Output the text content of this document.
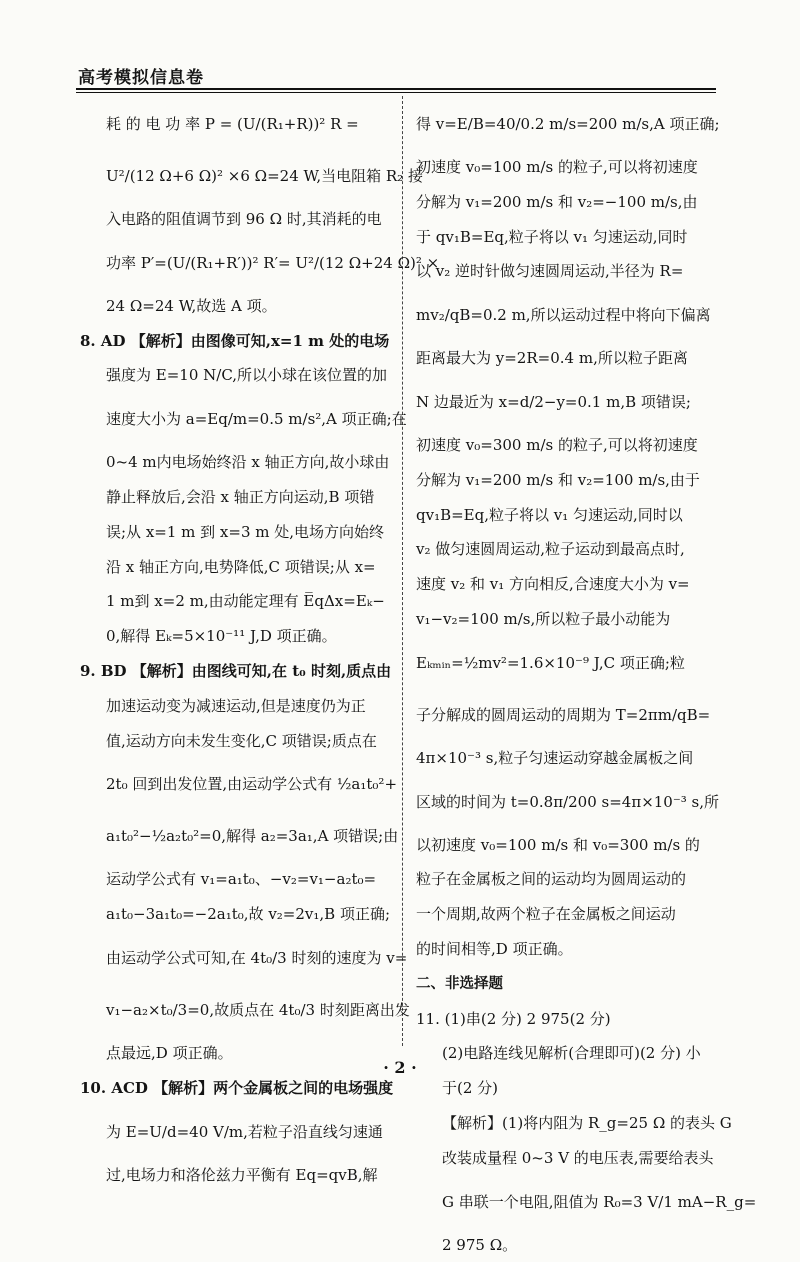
高考模拟信息卷
耗 的 电 功 率 P = (U/(R₁+R))² R =
U²/(12 Ω+6 Ω)² ×6 Ω=24 W,当电阻箱 R₂ 接
入电路的阻值调节到 96 Ω 时,其消耗的电
功率 P′=(U/(R₁+R′))² R′= U²/(12 Ω+24 Ω)² ×
24 Ω=24 W,故选 A 项。
8. AD 【解析】由图像可知,x=1 m 处的电场
强度为 E=10 N/C,所以小球在该位置的加
速度大小为 a=Eq/m=0.5 m/s²,A 项正确;在
0~4 m内电场始终沿 x 轴正方向,故小球由
静止释放后,会沿 x 轴正方向运动,B 项错
误;从 x=1 m 到 x=3 m 处,电场方向始终
沿 x 轴正方向,电势降低,C 项错误;从 x=
1 m到 x=2 m,由动能定理有 E̅qΔx=Eₖ−
0,解得 Eₖ=5×10⁻¹¹ J,D 项正确。
9. BD 【解析】由图线可知,在 t₀ 时刻,质点由
加速运动变为减速运动,但是速度仍为正
值,运动方向未发生变化,C 项错误;质点在
2t₀ 回到出发位置,由运动学公式有 ½a₁t₀²+
a₁t₀²−½a₂t₀²=0,解得 a₂=3a₁,A 项错误;由
运动学公式有 v₁=a₁t₀、−v₂=v₁−a₂t₀=
a₁t₀−3a₁t₀=−2a₁t₀,故 v₂=2v₁,B 项正确;
由运动学公式可知,在 4t₀/3 时刻的速度为 v=
v₁−a₂×t₀/3=0,故质点在 4t₀/3 时刻距离出发
点最远,D 项正确。
10. ACD 【解析】两个金属板之间的电场强度
为 E=U/d=40 V/m,若粒子沿直线匀速通
过,电场力和洛伦兹力平衡有 Eq=qvB,解
得 v=E/B=40/0.2 m/s=200 m/s,A 项正确;
初速度 v₀=100 m/s 的粒子,可以将初速度
分解为 v₁=200 m/s 和 v₂=−100 m/s,由
于 qv₁B=Eq,粒子将以 v₁ 匀速运动,同时
以 v₂ 逆时针做匀速圆周运动,半径为 R=
mv₂/qB=0.2 m,所以运动过程中将向下偏离
距离最大为 y=2R=0.4 m,所以粒子距离
N 边最近为 x=d/2−y=0.1 m,B 项错误;
初速度 v₀=300 m/s 的粒子,可以将初速度
分解为 v₁=200 m/s 和 v₂=100 m/s,由于
qv₁B=Eq,粒子将以 v₁ 匀速运动,同时以
v₂ 做匀速圆周运动,粒子运动到最高点时,
速度 v₂ 和 v₁ 方向相反,合速度大小为 v=
v₁−v₂=100 m/s,所以粒子最小动能为
Eₖₘᵢₙ=½mv²=1.6×10⁻⁹ J,C 项正确;粒
子分解成的圆周运动的周期为 T=2πm/qB=
4π×10⁻³ s,粒子匀速运动穿越金属板之间
区域的时间为 t=0.8π/200 s=4π×10⁻³ s,所
以初速度 v₀=100 m/s 和 v₀=300 m/s 的
粒子在金属板之间的运动均为圆周运动的
一个周期,故两个粒子在金属板之间运动
的时间相等,D 项正确。
二、非选择题
11. (1)串(2 分) 2 975(2 分)
(2)电路连线见解析(合理即可)(2 分) 小
于(2 分)
【解析】(1)将内阻为 R_g=25 Ω 的表头 G
改装成量程 0~3 V 的电压表,需要给表头
G 串联一个电阻,阻值为 R₀=3 V/1 mA−R_g=
2 975 Ω。
· 2 ·
